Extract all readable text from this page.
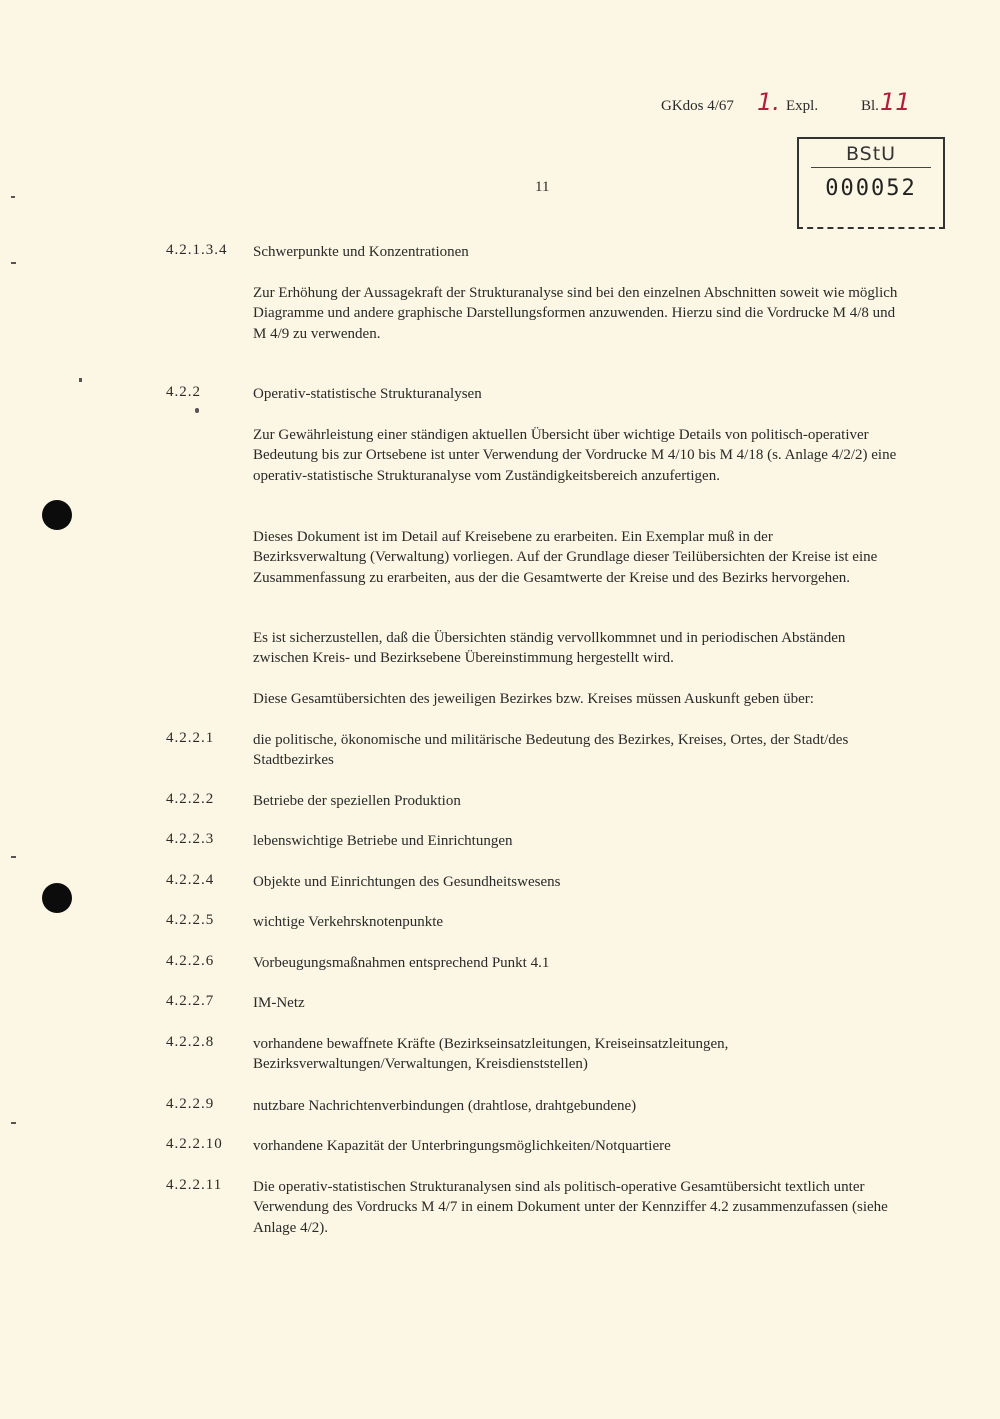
GKdos 4/67 1. Expl.	Bl. 11
BStU
000052
11
4.2.1.3.4 Schwerpunkte und Konzentrationen
Zur Erhöhung der Aussagekraft der Strukturanalyse sind bei den einzelnen Abschnitten soweit wie möglich Diagramme und andere graphische Darstellungsformen anzuwenden. Hierzu sind die Vordrucke M 4/8 und M 4/9 zu verwenden.
4.2.2	Operativ-statistische Strukturanalysen
Zur Gewährleistung einer ständigen aktuellen Übersicht über wichtige Details von politisch-operativer Bedeutung bis zur Ortsebene ist unter Verwendung der Vordrucke M 4/10 bis M 4/18 (s. Anlage 4/2/2) eine operativ-statistische Strukturanalyse vom Zuständigkeitsbereich anzufertigen.
Dieses Dokument ist im Detail auf Kreisebene zu erarbeiten. Ein Exemplar muß in der Bezirksverwaltung (Verwaltung) vorliegen. Auf der Grundlage dieser Teilübersichten der Kreise ist eine Zusammenfassung zu erarbeiten, aus der die Gesamtwerte der Kreise und des Bezirks hervorgehen.
Es ist sicherzustellen, daß die Übersichten ständig vervollkommnet und in periodischen Abständen zwischen Kreis- und Bezirksebene Übereinstimmung hergestellt wird.
Diese Gesamtübersichten des jeweiligen Bezirkes bzw. Kreises müssen Auskunft geben über:
4.2.2.1	die politische, ökonomische und militärische Bedeutung des Bezirkes, Kreises, Ortes, der Stadt/des Stadtbezirkes
4.2.2.2	Betriebe der speziellen Produktion
4.2.2.3	lebenswichtige Betriebe und Einrichtungen
4.2.2.4	Objekte und Einrichtungen des Gesundheitswesens
4.2.2.5	wichtige Verkehrsknotenpunkte
4.2.2.6	Vorbeugungsmaßnahmen entsprechend Punkt 4.1
4.2.2.7	IM-Netz
4.2.2.8	vorhandene bewaffnete Kräfte (Bezirkseinsatzleitungen, Kreiseinsatzleitungen, Bezirksverwaltungen/Verwaltungen, Kreisdienststellen)
4.2.2.9	nutzbare Nachrichtenverbindungen (drahtlose, drahtgebundene)
4.2.2.10 vorhandene Kapazität der Unterbringungsmöglichkeiten/Notquartiere
4.2.2.11 Die operativ-statistischen Strukturanalysen sind als politisch-operative Gesamtübersicht textlich unter Verwendung des Vordrucks M 4/7 in einem Dokument unter der Kennziffer 4.2 zusammenzufassen (siehe Anlage 4/2).
